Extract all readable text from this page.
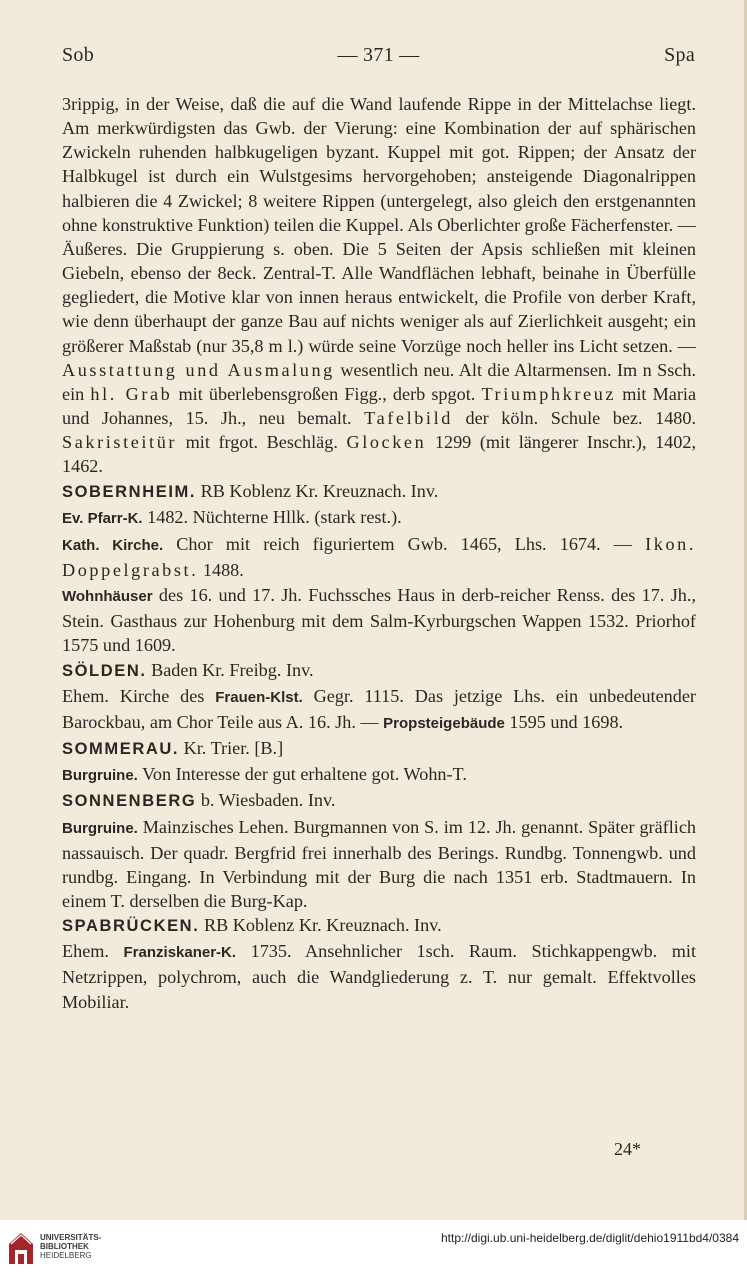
Sob	— 371 —	Spa

3rippig, in der Weise, daß die auf die Wand laufende Rippe in der Mittelachse liegt. Am merkwürdigsten das Gwb. der Vierung: eine Kombination der auf sphärischen Zwickeln ruhenden halbkugeligen byzant. Kuppel mit got. Rippen; der Ansatz der Halbkugel ist durch ein Wulstgesims hervorgehoben; ansteigende Diagonalrippen halbieren die 4 Zwickel; 8 weitere Rippen (untergelegt, also gleich den erstgenannten ohne konstruktive Funktion) teilen die Kuppel. Als Oberlichter große Fächerfenster. — Äußeres. Die Gruppierung s. oben. Die 5 Seiten der Apsis schließen mit kleinen Giebeln, ebenso der 8eck. Zentral-T. Alle Wandflächen lebhaft, beinahe in Überfülle gegliedert, die Motive klar von innen heraus entwickelt, die Profile von derber Kraft, wie denn überhaupt der ganze Bau auf nichts weniger als auf Zierlichkeit ausgeht; ein größerer Maßstab (nur 35,8 m l.) würde seine Vorzüge noch heller ins Licht setzen. — Ausstattung und Ausmalung wesentlich neu. Alt die Altarmensen. Im n Ssch. ein hl. Grab mit überlebensgroßen Figg., derb spgot. Triumphkreuz mit Maria und Johannes, 15. Jh., neu bemalt. Tafelbild der köln. Schule bez. 1480. Sakristeitür mit frgot. Beschläg. Glocken 1299 (mit längerer Inschr.), 1402, 1462.

SOBERNHEIM. RB Koblenz Kr. Kreuznach. Inv.

Ev. Pfarr-K. 1482. Nüchterne Hllk. (stark rest.).

Kath. Kirche. Chor mit reich figuriertem Gwb. 1465, Lhs. 1674. — Ikon. Doppelgrabst. 1488.

Wohnhäuser des 16. und 17. Jh. Fuchssches Haus in derb-reicher Renss. des 17. Jh., Stein. Gasthaus zur Hohenburg mit dem Salm-Kyrburgschen Wappen 1532. Priorhof 1575 und 1609.

SÖLDEN. Baden Kr. Freibg. Inv.

Ehem. Kirche des Frauen-Klst. Gegr. 1115. Das jetzige Lhs. ein unbedeutender Barockbau, am Chor Teile aus A. 16. Jh. — Propsteigebäude 1595 und 1698.

SOMMERAU. Kr. Trier. [B.]

Burgruine. Von Interesse der gut erhaltene got. Wohn-T.

SONNENBERG b. Wiesbaden. Inv.

Burgruine. Mainzisches Lehen. Burgmannen von S. im 12. Jh. genannt. Später gräflich nassauisch. Der quadr. Bergfrid frei innerhalb des Berings. Rundbg. Tonnengwb. und rundbg. Eingang. In Verbindung mit der Burg die nach 1351 erb. Stadtmauern. In einem T. derselben die Burg-Kap.

SPABRÜCKEN. RB Koblenz Kr. Kreuznach. Inv.

Ehem. Franziskaner-K. 1735. Ansehnlicher 1sch. Raum. Stichkappengwb. mit Netzrippen, polychrom, auch die Wandgliederung z. T. nur gemalt. Effektvolles Mobiliar.

24*
UNIVERSITÄTS-
BIBLIOTHEK
HEIDELBERG
http://digi.ub.uni-heidelberg.de/diglit/dehio1911bd4/0384
